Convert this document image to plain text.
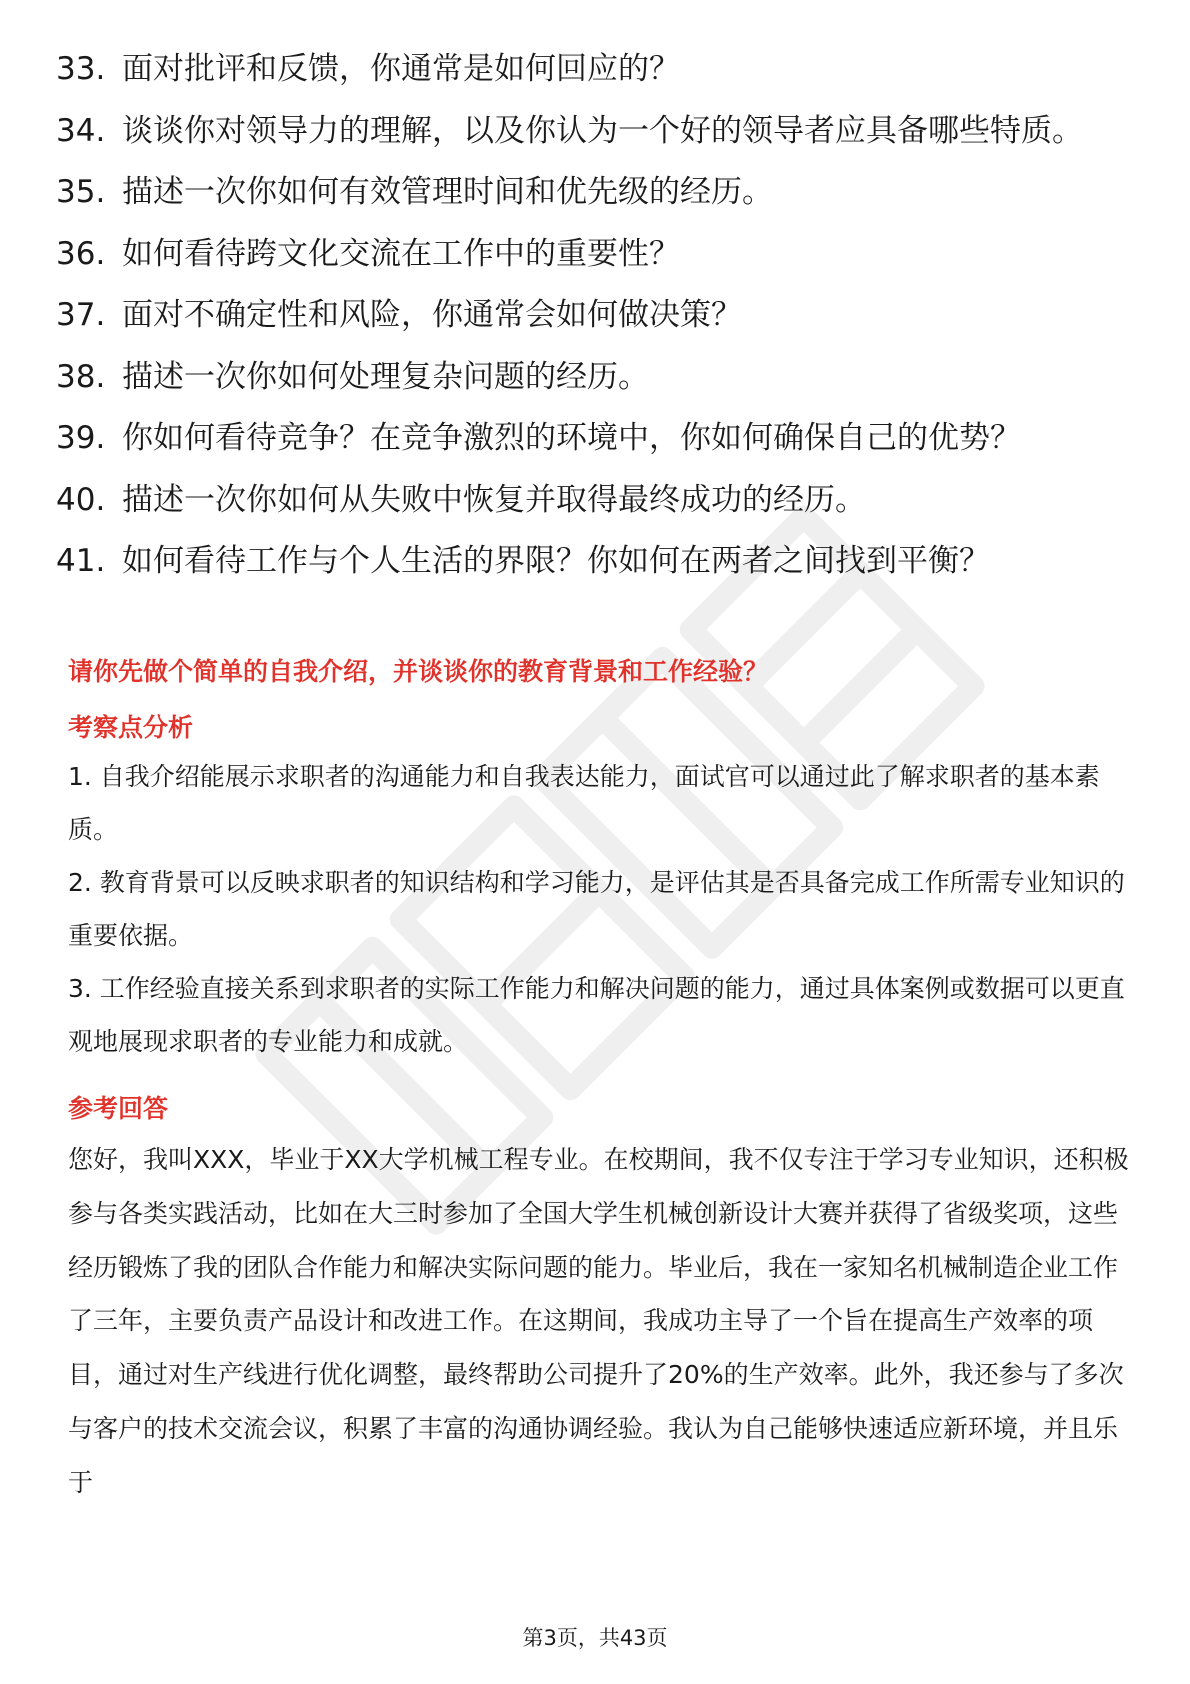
33. 面对批评和反馈，你通常是如何回应的？
34. 谈谈你对领导力的理解，以及你认为一个好的领导者应具备哪些特质。
35. 描述一次你如何有效管理时间和优先级的经历。
36. 如何看待跨文化交流在工作中的重要性？
37. 面对不确定性和风险，你通常会如何做决策？
38. 描述一次你如何处理复杂问题的经历。
39. 你如何看待竞争？在竞争激烈的环境中，你如何确保自己的优势？
40. 描述一次你如何从失败中恢复并取得最终成功的经历。
41. 如何看待工作与个人生活的界限？你如何在两者之间找到平衡？
请你先做个简单的自我介绍，并谈谈你的教育背景和工作经验？
考察点分析

1. 自我介绍能展示求职者的沟通能力和自我表达能力，面试官可以通过此了解求职者的基本素质。

2. 教育背景可以反映求职者的知识结构和学习能力，是评估其是否具备完成工作所需专业知识的重要依据。

3. 工作经验直接关系到求职者的实际工作能力和解决问题的能力，通过具体案例或数据可以更直观地展现求职者的专业能力和成就。

参考回答

您好，我叫XXX，毕业于XX大学机械工程专业。在校期间，我不仅专注于学习专业知识，还积极参与各类实践活动，比如在大三时参加了全国大学生机械创新设计大赛并获得了省级奖项，这些经历锻炼了我的团队合作能力和解决实际问题的能力。毕业后，我在一家知名机械制造企业工作了三年，主要负责产品设计和改进工作。在这期间，我成功主导了一个旨在提高生产效率的项目，通过对生产线进行优化调整，最终帮助公司提升了20%的生产效率。此外，我还参与了多次与客户的技术交流会议，积累了丰富的沟通协调经验。我认为自己能够快速适应新环境，并且乐于

第3页，共43页
